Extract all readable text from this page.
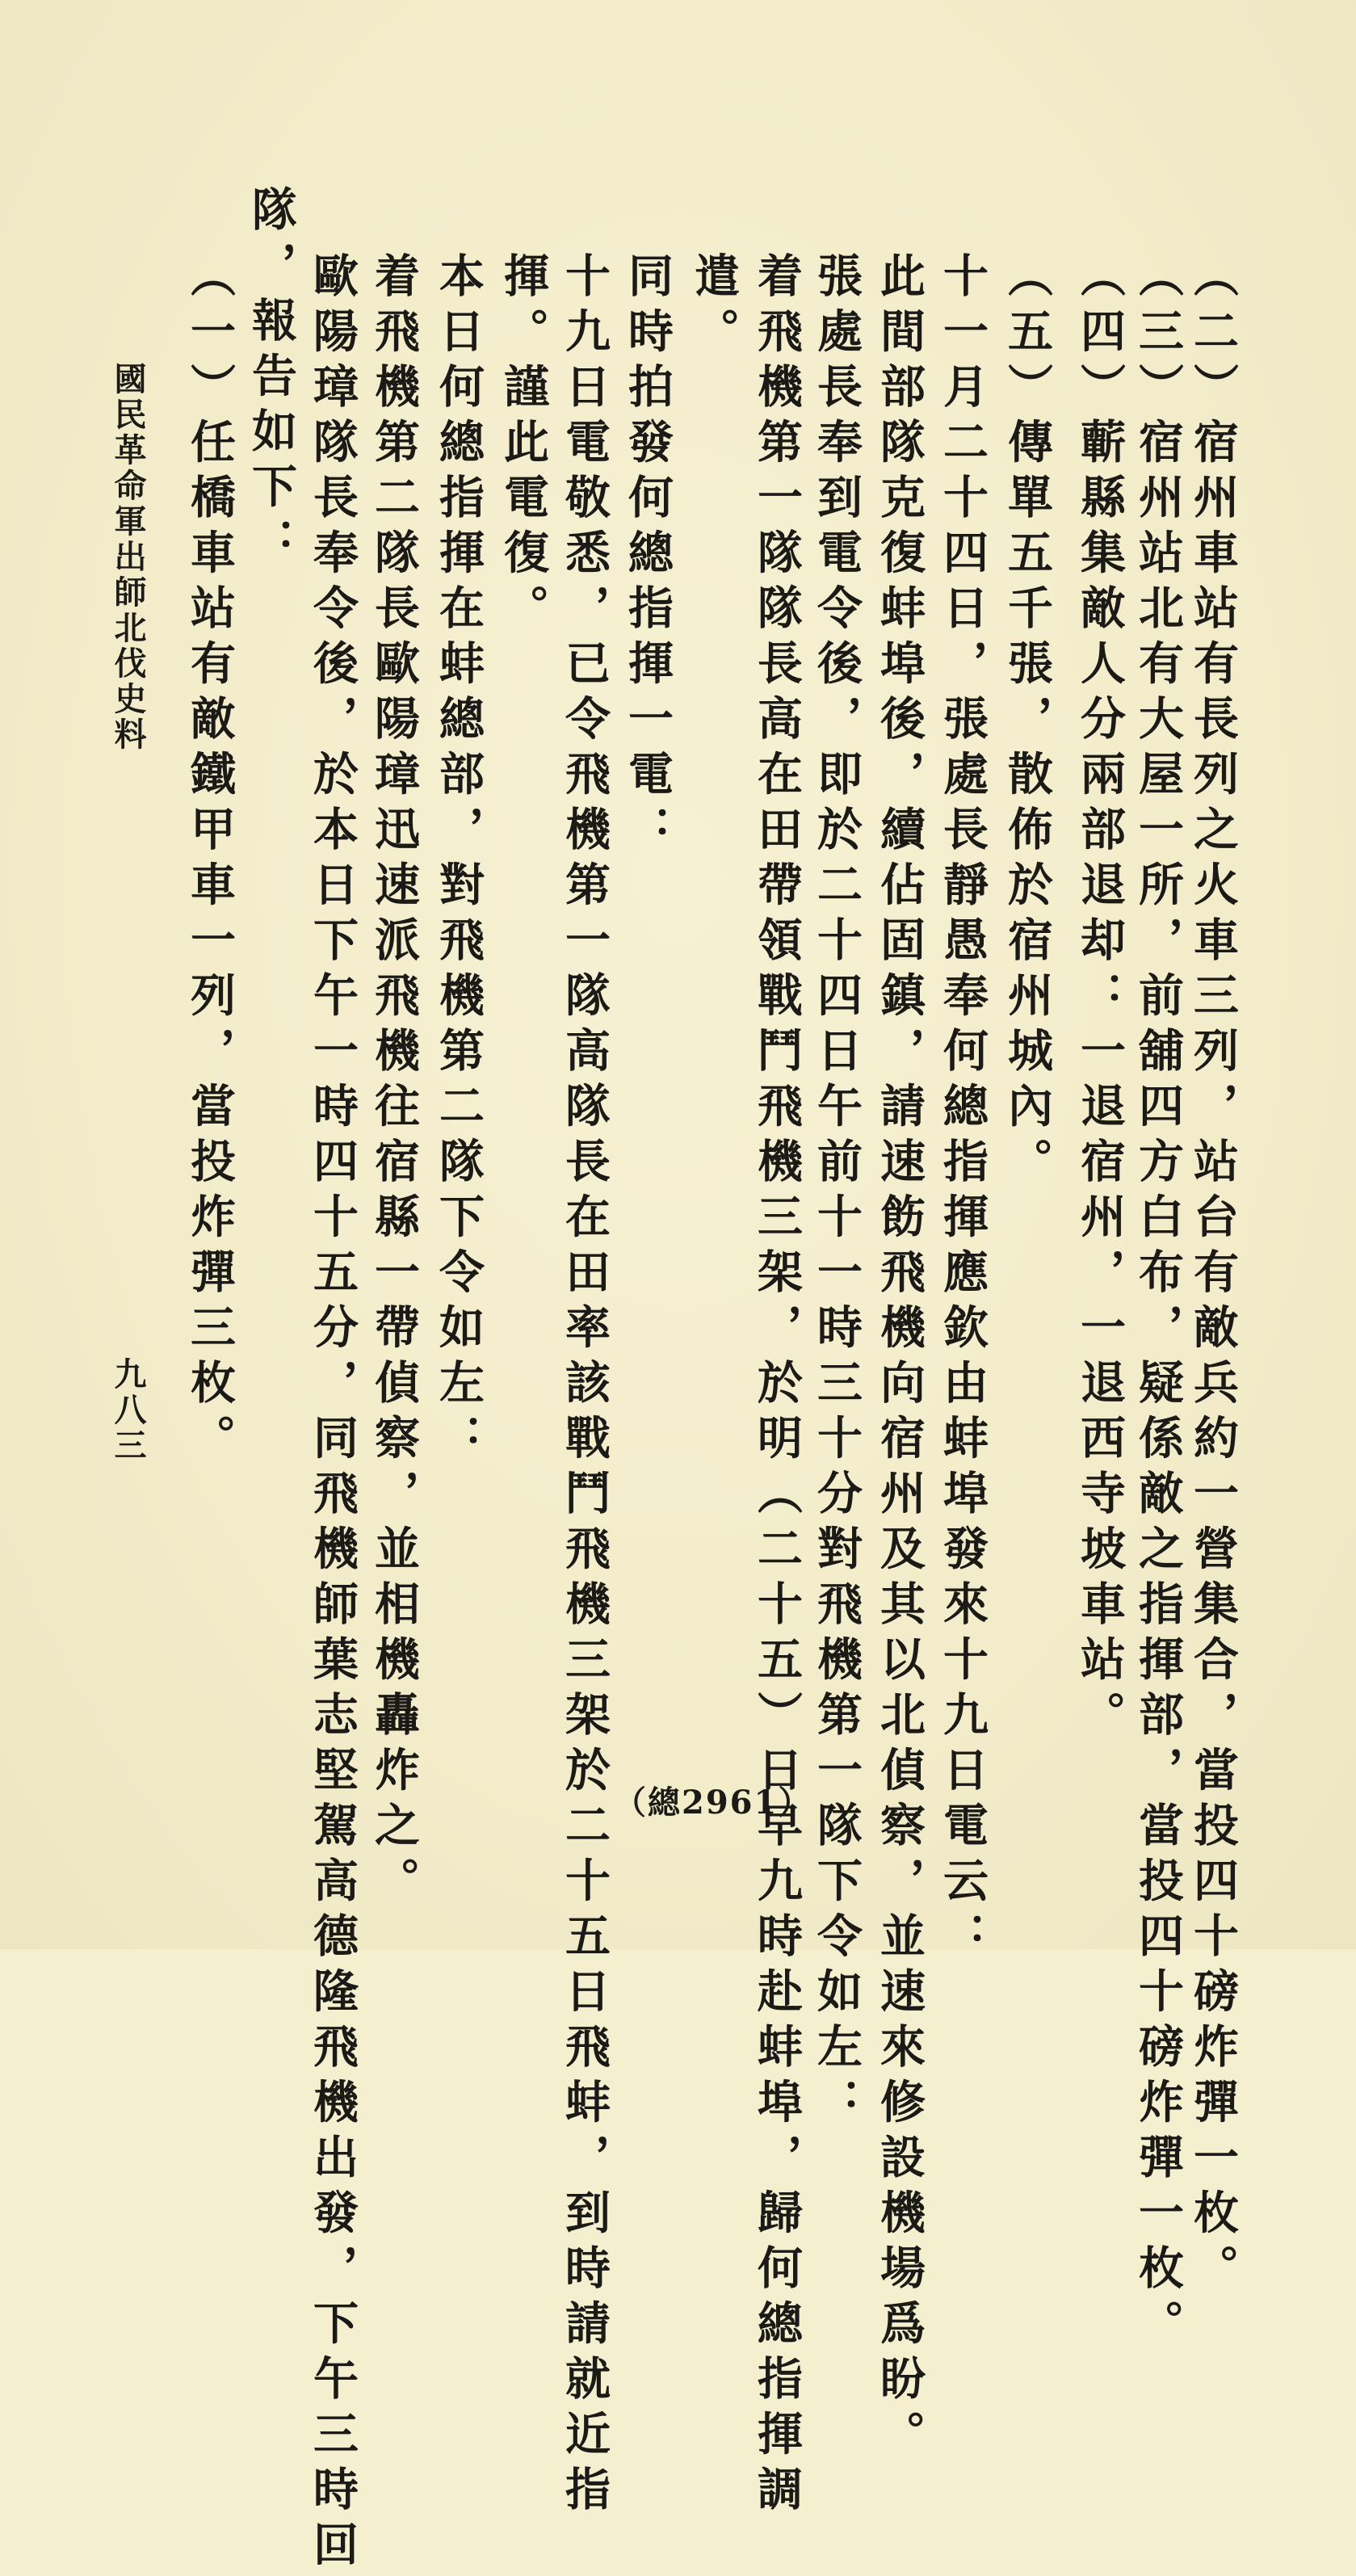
（二）宿州車站有長列之火車三列，站台有敵兵約一營集合，當投四十磅炸彈一枚。
（三）宿州站北有大屋一所，前舖四方白布，疑係敵之指揮部，當投四十磅炸彈一枚。
（四）蘄縣集敵人分兩部退却：一退宿州，一退西寺坡車站。
（五）傳單五千張，散佈於宿州城內。
十一月二十四日，張處長靜愚奉何總指揮應欽由蚌埠發來十九日電云：
此間部隊克復蚌埠後，續佔固鎮，請速飭飛機向宿州及其以北偵察，並速來修設機場爲盼。
張處長奉到電令後，即於二十四日午前十一時三十分對飛機第一隊下令如左：
着飛機第一隊隊長高在田帶領戰鬥飛機三架，於明（二十五）日早九時赴蚌埠，歸何總指揮調
遣。
同時拍發何總指揮一電：
十九日電敬悉，已令飛機第一隊高隊長在田率該戰鬥飛機三架於二十五日飛蚌，到時請就近指
揮。謹此電復。
本日何總指揮在蚌總部，對飛機第二隊下令如左：
着飛機第二隊長歐陽璋迅速派飛機往宿縣一帶偵察，並相機轟炸之。
歐陽璋隊長奉令後，於本日下午一時四十五分，同飛機師葉志堅駕高德隆飛機出發，下午三時回
隊，報告如下：
（一）任橋車站有敵鐵甲車一列，當投炸彈三枚。
國民革命軍出師北伐史料
九八三
（總2961）
